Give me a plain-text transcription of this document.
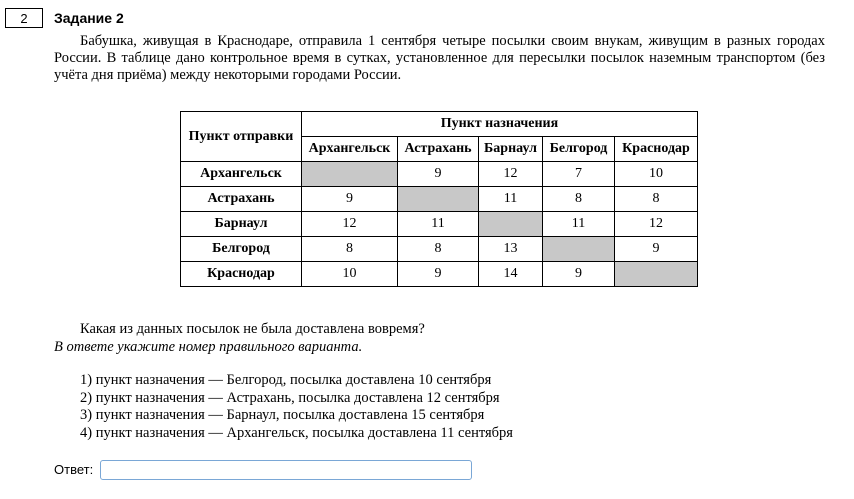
2 Задание 2
Бабушка, живущая в Краснодаре, отправила 1 сентября четыре посылки своим внукам, живущим в разных городах России. В таблице дано контрольное время в сутках, установленное для пересылки посылок наземным транспортом (без учёта дня приёма) между некоторыми городами России.
Пункт отправки	Пункт назначения				
	Архангельск	Астрахань	Барнаул	Белгород	Краснодар
Архангельск		9	12	7	10
Астрахань	9		11	8	8
Барнаул	12	11		11	12
Белгород	8	8	13		9
Краснодар	10	9	14	9	
Какая из данных посылок не была доставлена вовремя?
В ответе укажите номер правильного варианта.
1) пункт назначения — Белгород, посылка доставлена 10 сентября
2) пункт назначения — Астрахань, посылка доставлена 12 сентября
3) пункт назначения — Барнаул, посылка доставлена 15 сентября
4) пункт назначения — Архангельск, посылка доставлена 11 сентября
Ответ:
